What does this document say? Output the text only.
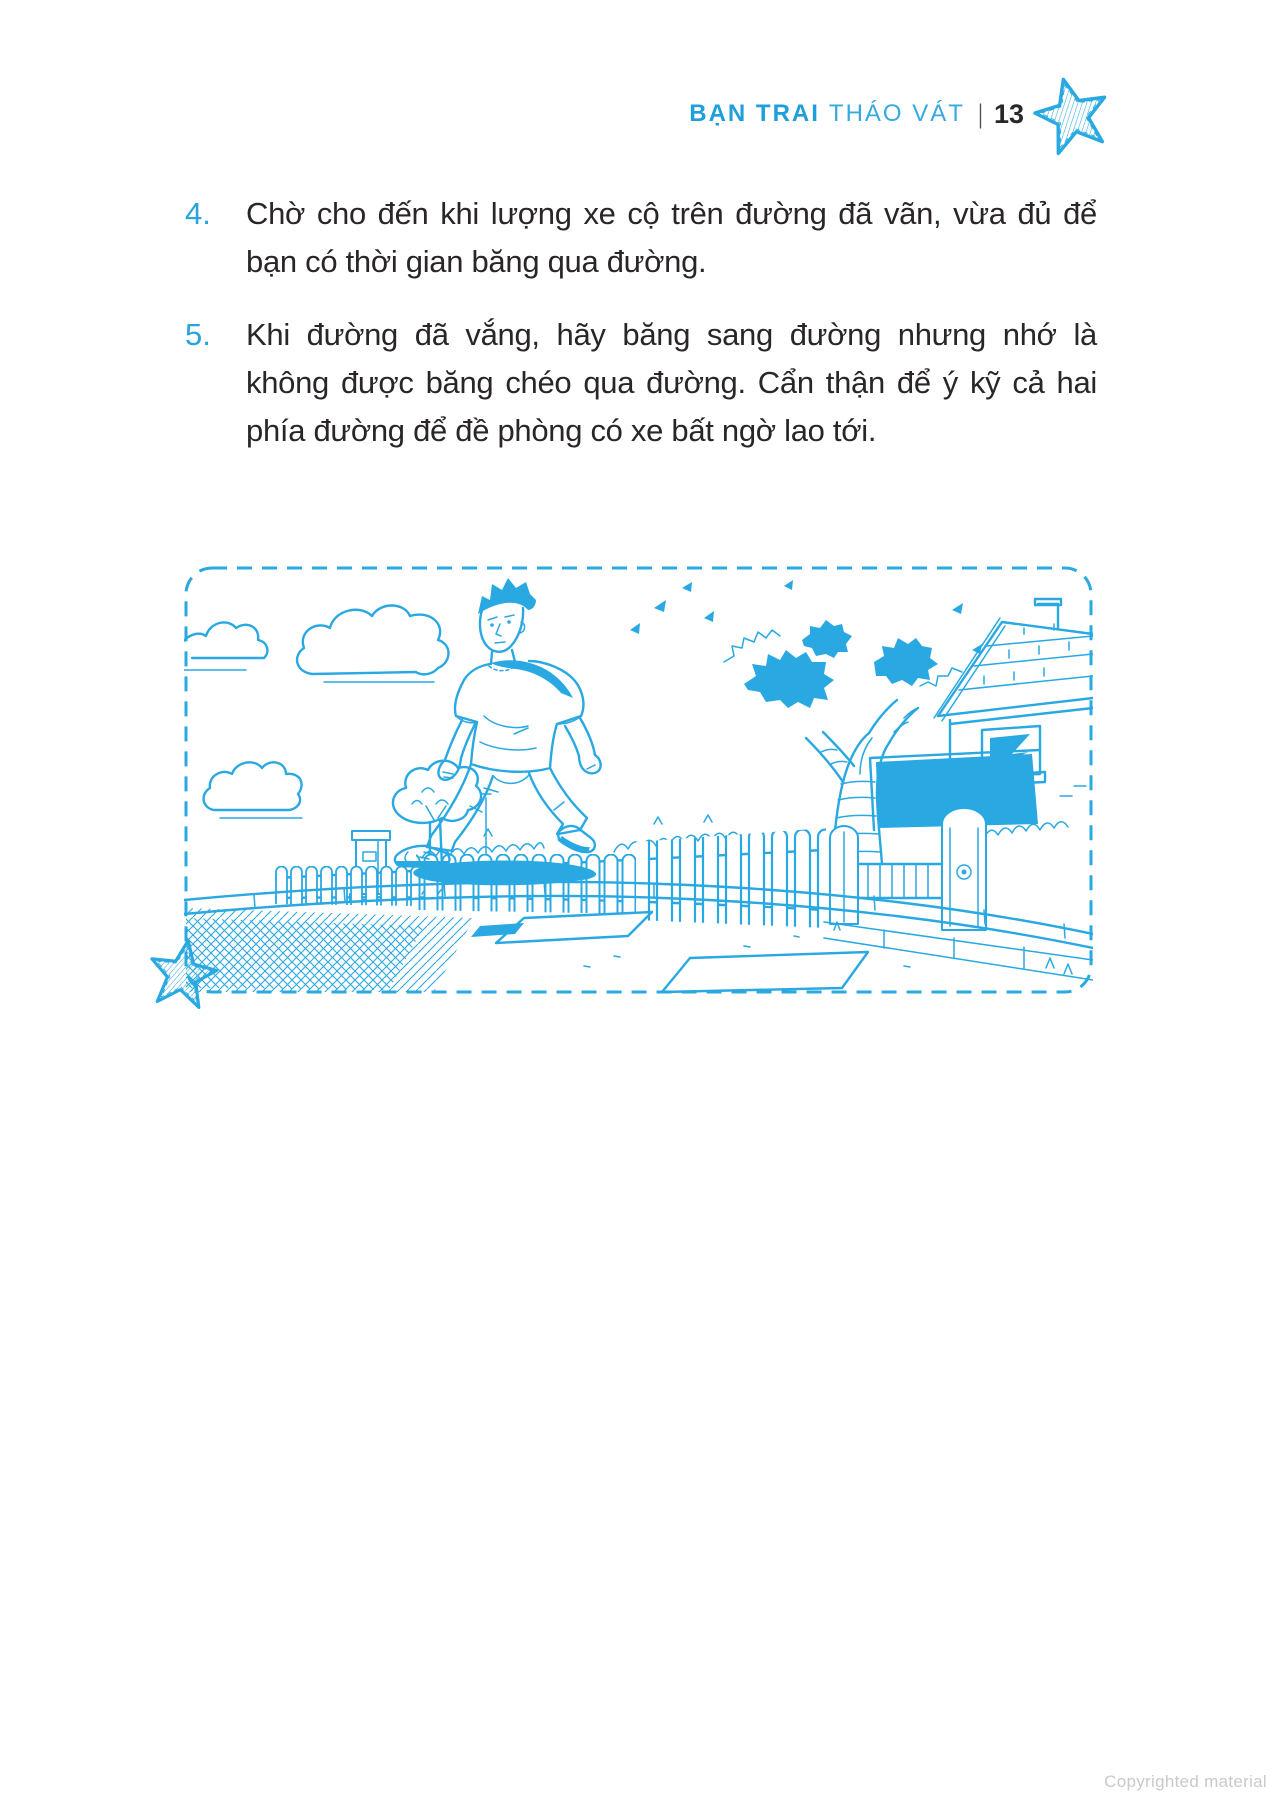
BẠN TRAI THÁO VÁT | 13
4.	Chờ cho đến khi lượng xe cộ trên đường đã vãn, vừa đủ để bạn có thời gian băng qua đường.

5.	Khi đường đã vắng, hãy băng sang đường nhưng nhớ là không được băng chéo qua đường. Cẩn thận để ý kỹ cả hai phía đường để đề phòng có xe bất ngờ lao tới.

Copyrighted material
